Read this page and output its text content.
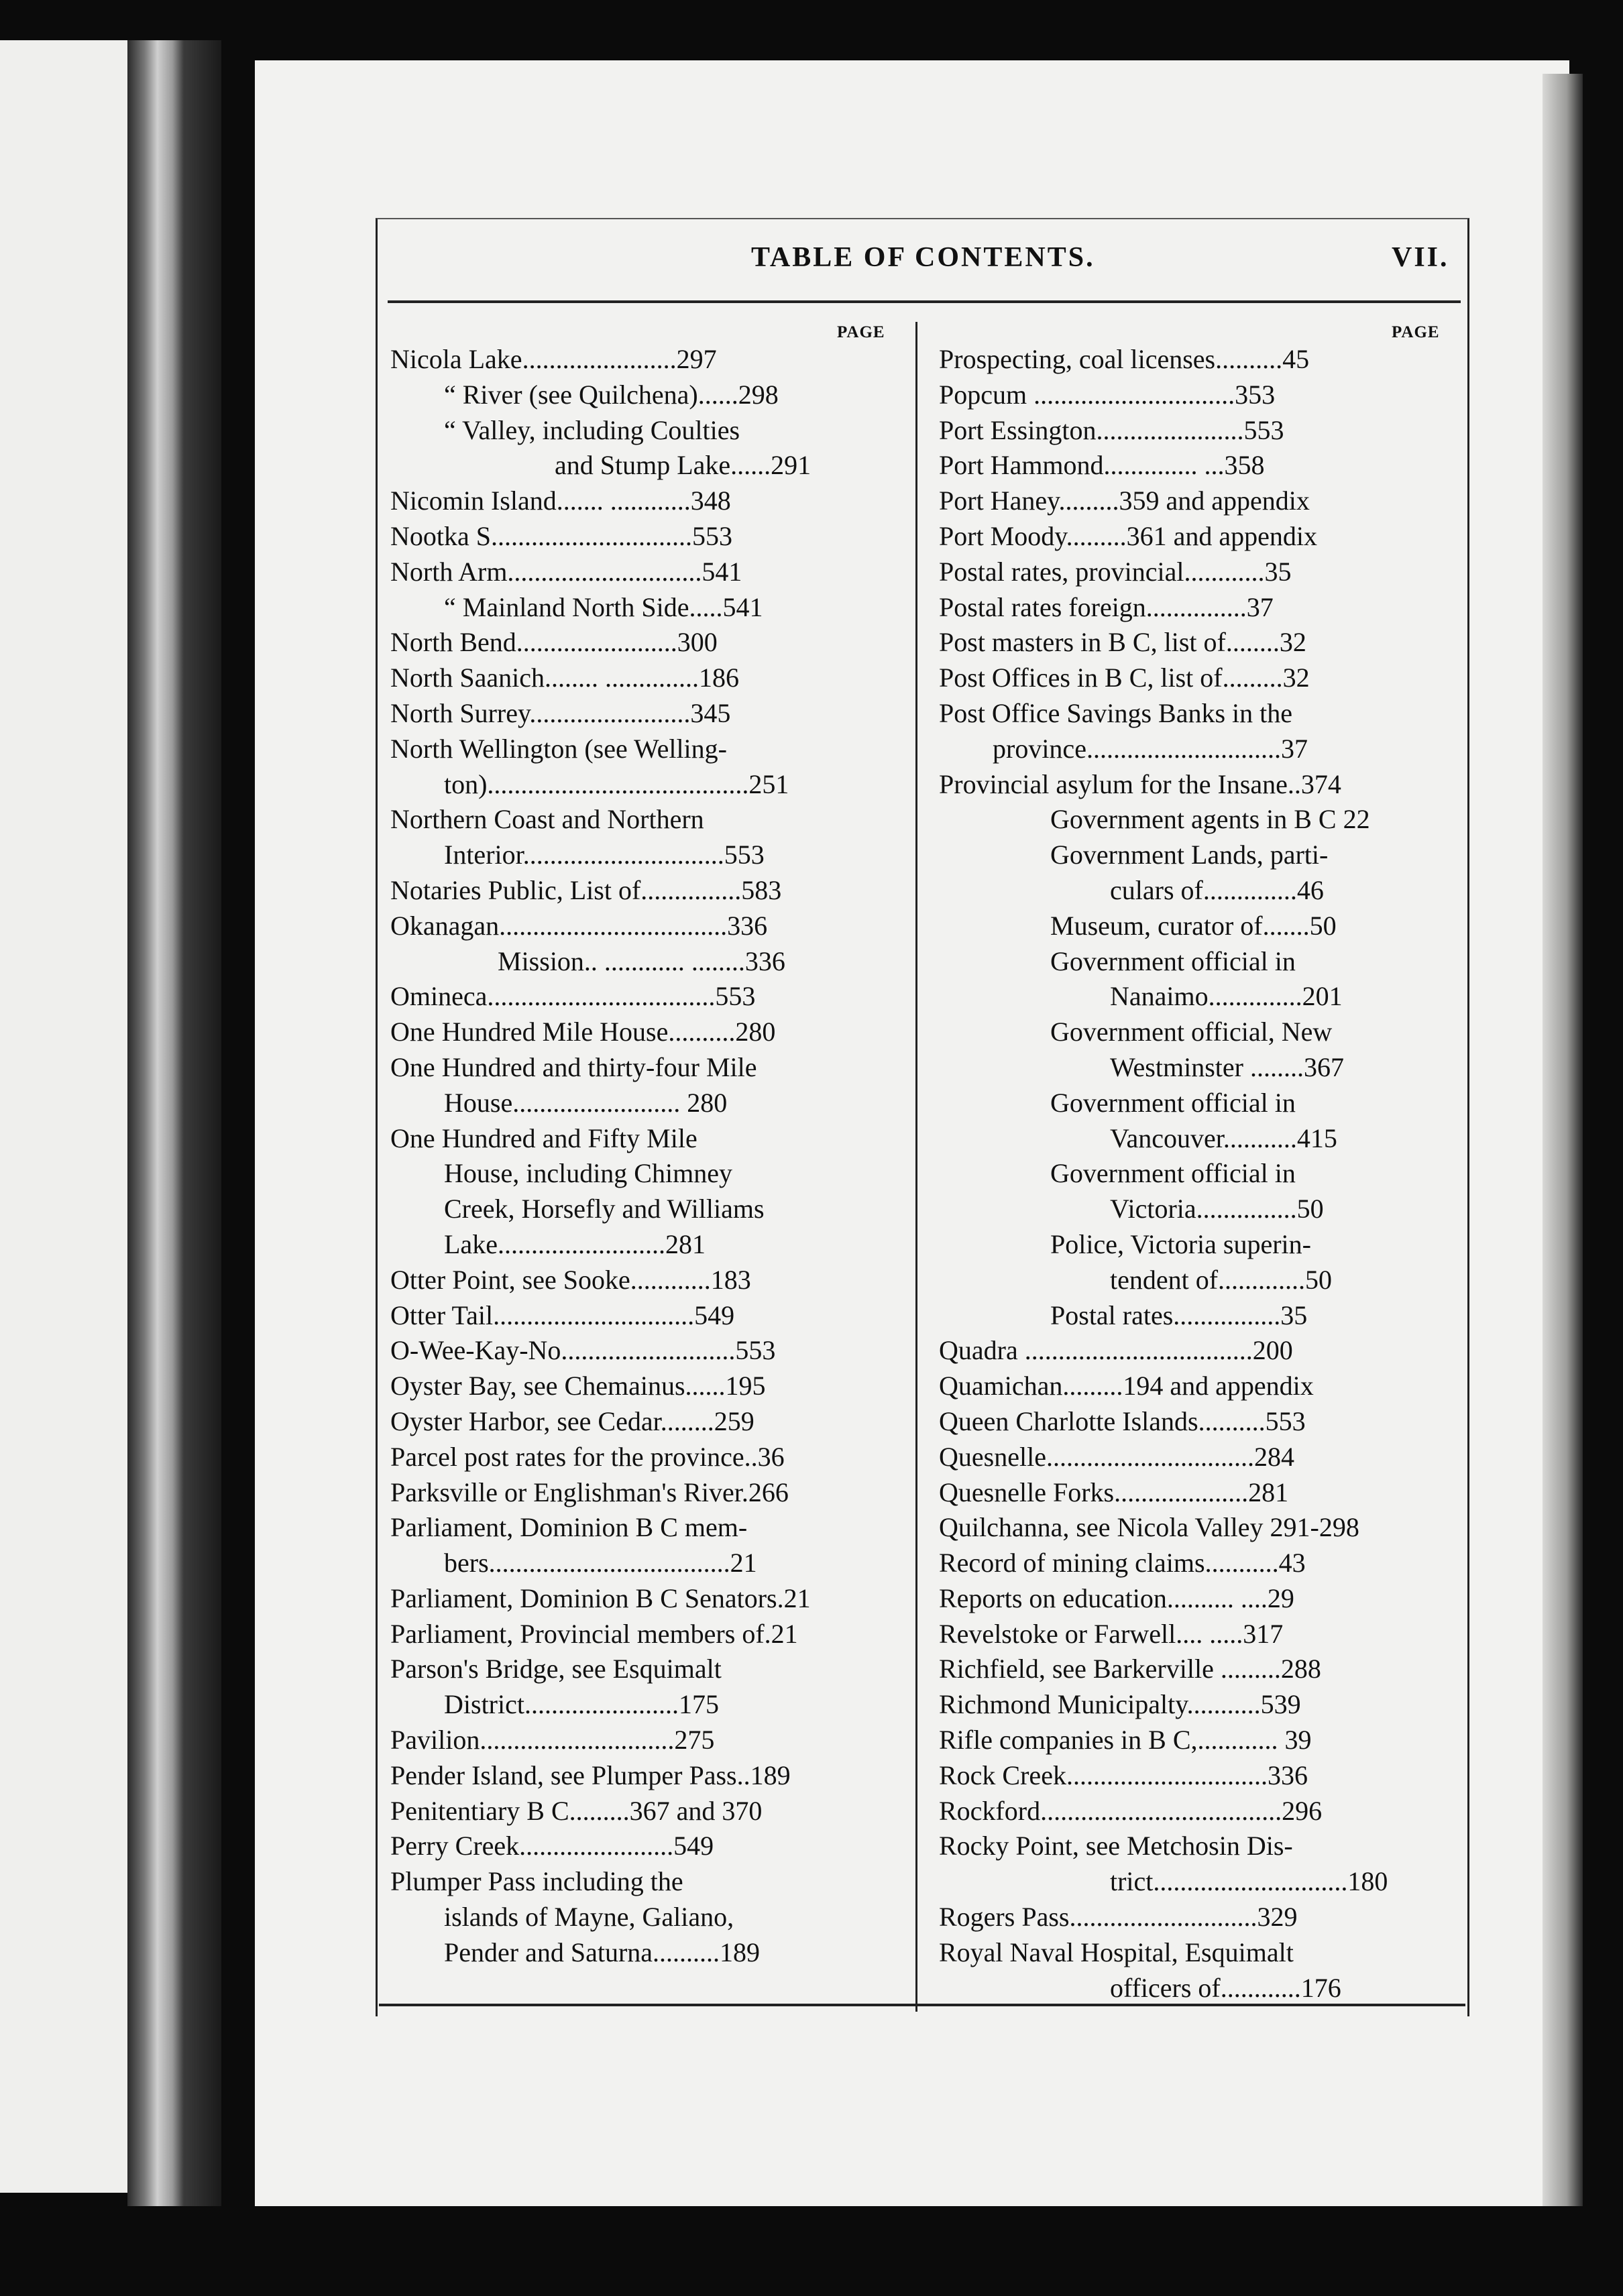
TABLE OF CONTENTS.	VII.
PAGE	PAGE
Nicola Lake.......................297
“ River (see Quilchena)......298
“ Valley, including Coulties
and Stump Lake......291
Nicomin Island....... ............348
Nootka S..............................553
North Arm.............................541
“ Mainland North Side.....541
North Bend........................300
North Saanich........ ..............186
North Surrey........................345
North Wellington (see Welling-
ton).......................................251
Northern Coast and Northern
Interior..............................553
Notaries Public, List of...............583
Okanagan..................................336
Mission.. ............ ........336
Omineca..................................553
One Hundred Mile House..........280
One Hundred and thirty-four Mile
House......................... 280
One Hundred and Fifty Mile
House, including Chimney
Creek, Horsefly and Williams
Lake.........................281
Otter Point, see Sooke............183
Otter Tail..............................549
O-Wee-Kay-No..........................553
Oyster Bay, see Chemainus......195
Oyster Harbor, see Cedar........259
Parcel post rates for the province..36
Parksville or Englishman's River.266
Parliament, Dominion B C mem-
bers....................................21
Parliament, Dominion B C Senators.21
Parliament, Provincial members of.21
Parson's Bridge, see Esquimalt
District.......................175
Pavilion.............................275
Pender Island, see Plumper Pass..189
Penitentiary B C.........367 and 370
Perry Creek.......................549
Plumper Pass including the
islands of Mayne, Galiano,
Pender and Saturna..........189
Prospecting, coal licenses..........45
Popcum ..............................353
Port Essington......................553
Port Hammond.............. ...358
Port Haney.........359 and appendix
Port Moody.........361 and appendix
Postal rates, provincial............35
Postal rates foreign...............37
Post masters in B C, list of........32
Post Offices in B C, list of.........32
Post Office Savings Banks in the
province.............................37
Provincial asylum for the Insane..374
Government agents in B C 22
Government Lands, parti-
culars of..............46
Museum, curator of.......50
Government official in
Nanaimo..............201
Government official, New
Westminster ........367
Government official in
Vancouver...........415
Government official in
Victoria...............50
Police, Victoria superin-
tendent of.............50
Postal rates................35
Quadra ..................................200
Quamichan.........194 and appendix
Queen Charlotte Islands..........553
Quesnelle...............................284
Quesnelle Forks....................281
Quilchanna, see Nicola Valley 291-298
Record of mining claims...........43
Reports on education.......... ....29
Revelstoke or Farwell.... .....317
Richfield, see Barkerville .........288
Richmond Municipalty...........539
Rifle companies in B C,............ 39
Rock Creek..............................336
Rockford....................................296
Rocky Point, see Metchosin Dis-
trict.............................180
Rogers Pass............................329
Royal Naval Hospital, Esquimalt
officers of............176
